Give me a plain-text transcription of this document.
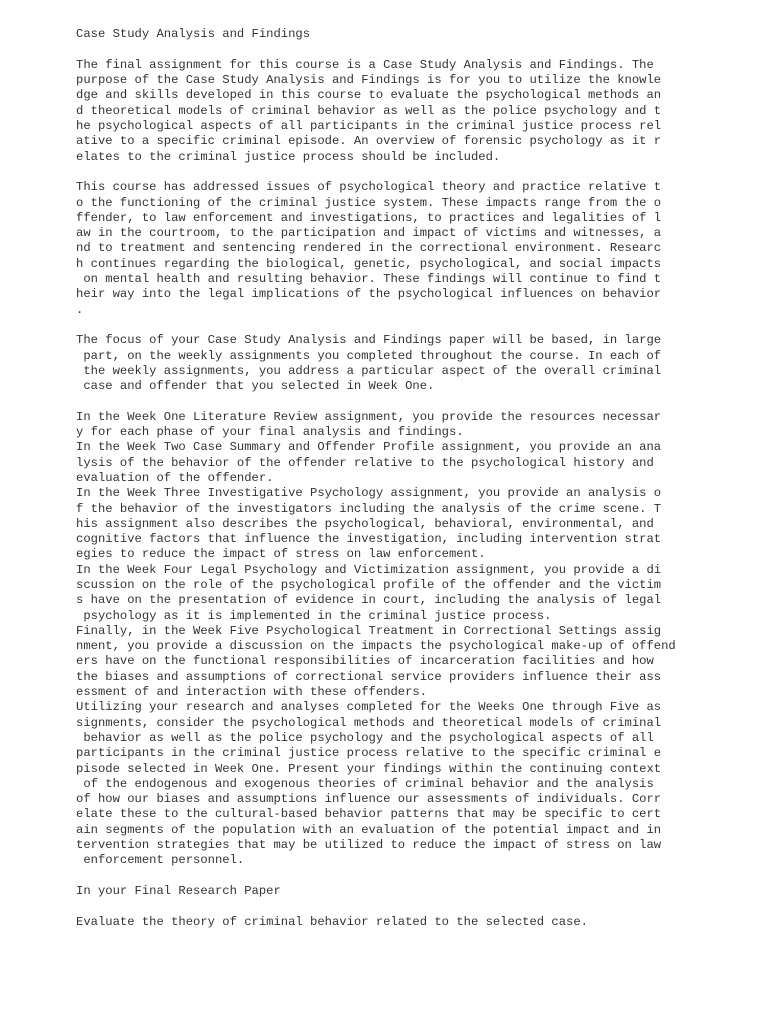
Case Study Analysis and Findings
The final assignment for this course is a Case Study Analysis and Findings. The
purpose of the Case Study Analysis and Findings is for you to utilize the knowle
dge and skills developed in this course to evaluate the psychological methods an
d theoretical models of criminal behavior as well as the police psychology and t
he psychological aspects of all participants in the criminal justice process rel
ative to a specific criminal episode. An overview of forensic psychology as it r
elates to the criminal justice process should be included.
This course has addressed issues of psychological theory and practice relative t
o the functioning of the criminal justice system. These impacts range from the o
ffender, to law enforcement and investigations, to practices and legalities of l
aw in the courtroom, to the participation and impact of victims and witnesses, a
nd to treatment and sentencing rendered in the correctional environment. Researc
h continues regarding the biological, genetic, psychological, and social impacts
on mental health and resulting behavior. These findings will continue to find t
heir way into the legal implications of the psychological influences on behavior
.
The focus of your Case Study Analysis and Findings paper will be based, in large
part, on the weekly assignments you completed throughout the course. In each of
the weekly assignments, you address a particular aspect of the overall criminal
case and offender that you selected in Week One.
In the Week One Literature Review assignment, you provide the resources necessar
y for each phase of your final analysis and findings.
In the Week Two Case Summary and Offender Profile assignment, you provide an ana
lysis of the behavior of the offender relative to the psychological history and
evaluation of the offender.
In the Week Three Investigative Psychology assignment, you provide an analysis o
f the behavior of the investigators including the analysis of the crime scene. T
his assignment also describes the psychological, behavioral, environmental, and
cognitive factors that influence the investigation, including intervention strat
egies to reduce the impact of stress on law enforcement.
In the Week Four Legal Psychology and Victimization assignment, you provide a di
scussion on the role of the psychological profile of the offender and the victim
s have on the presentation of evidence in court, including the analysis of legal
psychology as it is implemented in the criminal justice process.
Finally, in the Week Five Psychological Treatment in Correctional Settings assig
nment, you provide a discussion on the impacts the psychological make-up of offend
ers have on the functional responsibilities of incarceration facilities and how
the biases and assumptions of correctional service providers influence their ass
essment of and interaction with these offenders.
Utilizing your research and analyses completed for the Weeks One through Five as
signments, consider the psychological methods and theoretical models of criminal
behavior as well as the police psychology and the psychological aspects of all
participants in the criminal justice process relative to the specific criminal e
pisode selected in Week One. Present your findings within the continuing context
of the endogenous and exogenous theories of criminal behavior and the analysis
of how our biases and assumptions influence our assessments of individuals. Corr
elate these to the cultural-based behavior patterns that may be specific to cert
ain segments of the population with an evaluation of the potential impact and in
tervention strategies that may be utilized to reduce the impact of stress on law
enforcement personnel.
In your Final Research Paper
Evaluate the theory of criminal behavior related to the selected case.
